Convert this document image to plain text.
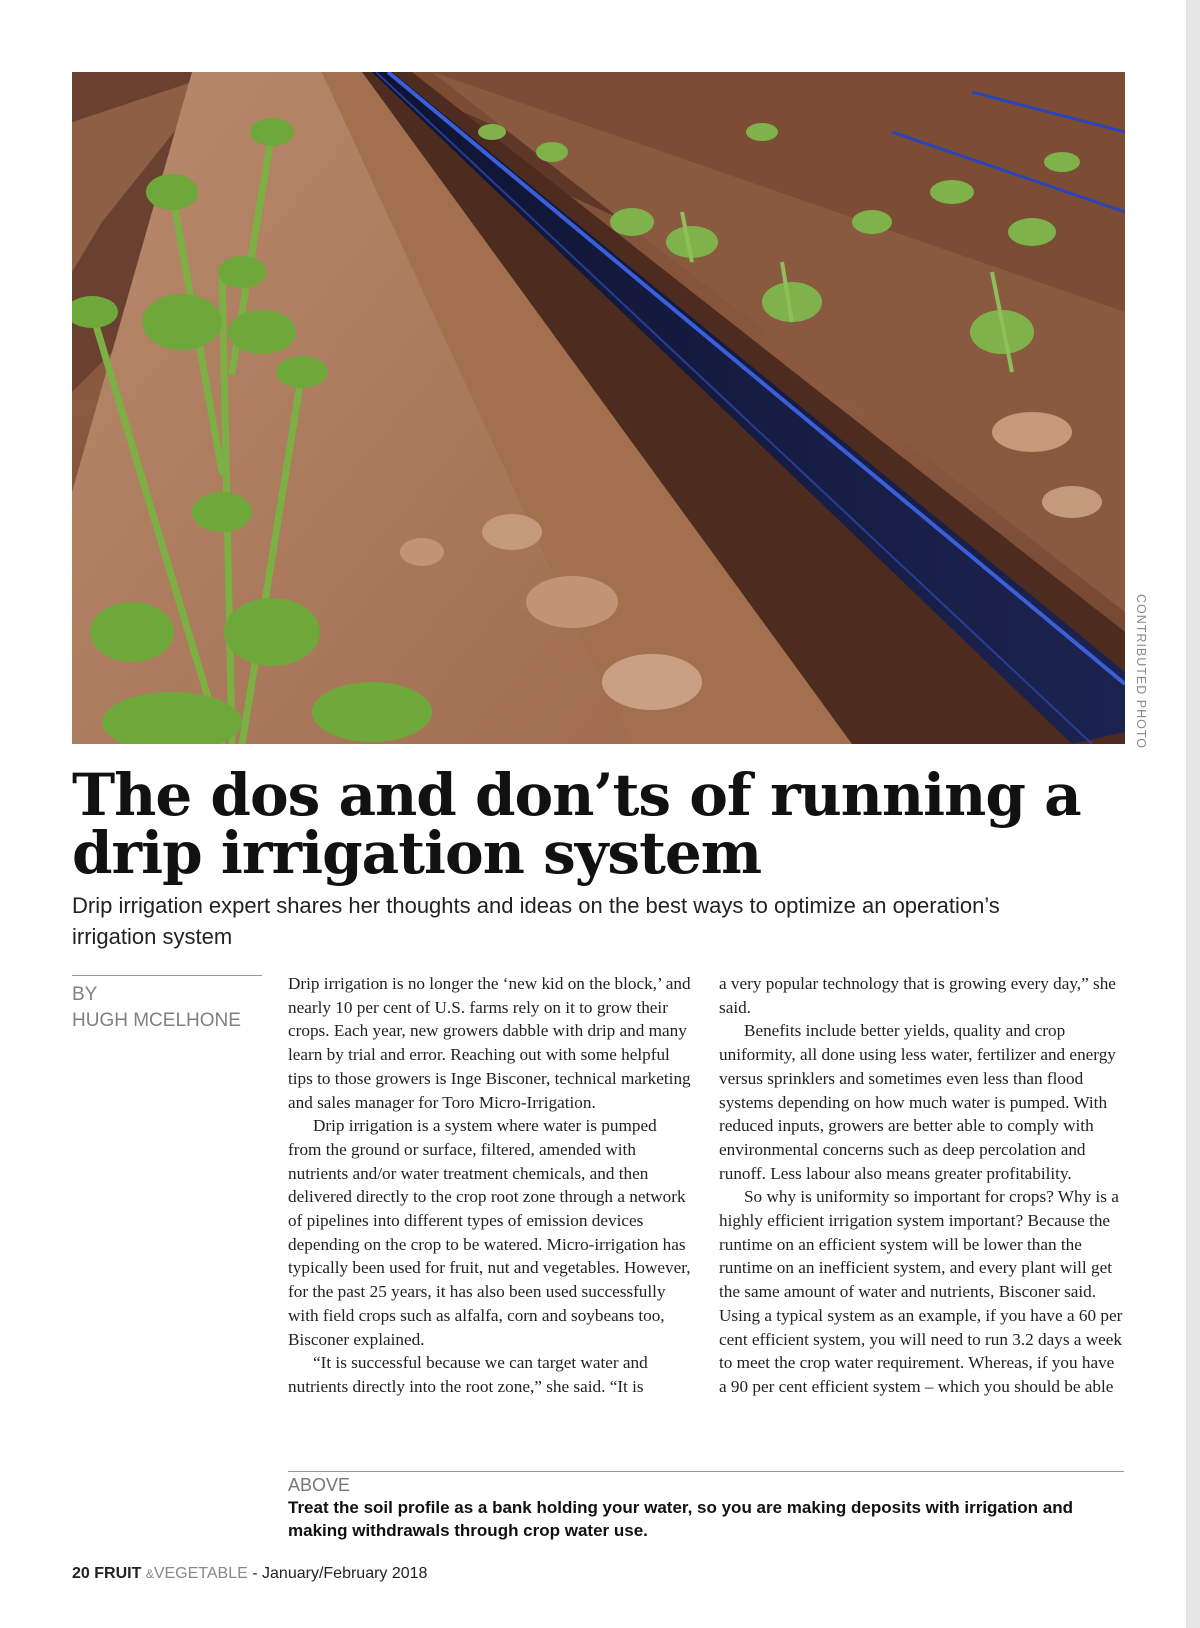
CONTRIBUTED PHOTO
The dos and don’ts of running a drip irrigation system

Drip irrigation expert shares her thoughts and ideas on the best ways to optimize an operation’s irrigation system

BY
HUGH MCELHONE

Drip irrigation is no longer the ‘new kid on the block,’ and nearly 10 per cent of U.S. farms rely on it to grow their crops. Each year, new growers dabble with drip and many learn by trial and error. Reaching out with some helpful tips to those growers is Inge Bisconer, technical marketing and sales manager for Toro Micro-Irrigation.

Drip irrigation is a system where water is pumped from the ground or surface, filtered, amended with nutrients and/or water treatment chemicals, and then delivered directly to the crop root zone through a network of pipelines into different types of emission devices depending on the crop to be watered. Micro-irrigation has typically been used for fruit, nut and vegetables. However, for the past 25 years, it has also been used successfully with field crops such as alfalfa, corn and soybeans too, Bisconer explained.

“It is successful because we can target water and nutrients directly into the root zone,” she said. “It is

a very popular technology that is growing every day,” she said.

Benefits include better yields, quality and crop uniformity, all done using less water, fertilizer and energy versus sprinklers and sometimes even less than flood systems depending on how much water is pumped. With reduced inputs, growers are better able to comply with environmental concerns such as deep percolation and runoff. Less labour also means greater profitability.

So why is uniformity so important for crops? Why is a highly efficient irrigation system important? Because the runtime on an efficient system will be lower than the runtime on an inefficient system, and every plant will get the same amount of water and nutrients, Bisconer said. Using a typical system as an example, if you have a 60 per cent efficient system, you will need to run 3.2 days a week to meet the crop water requirement. Whereas, if you have a 90 per cent efficient system – which you should be able

ABOVE

Treat the soil profile as a bank holding your water, so you are making deposits with irrigation and making withdrawals through crop water use.

20 FRUIT &VEGETABLE - January/February 2018
